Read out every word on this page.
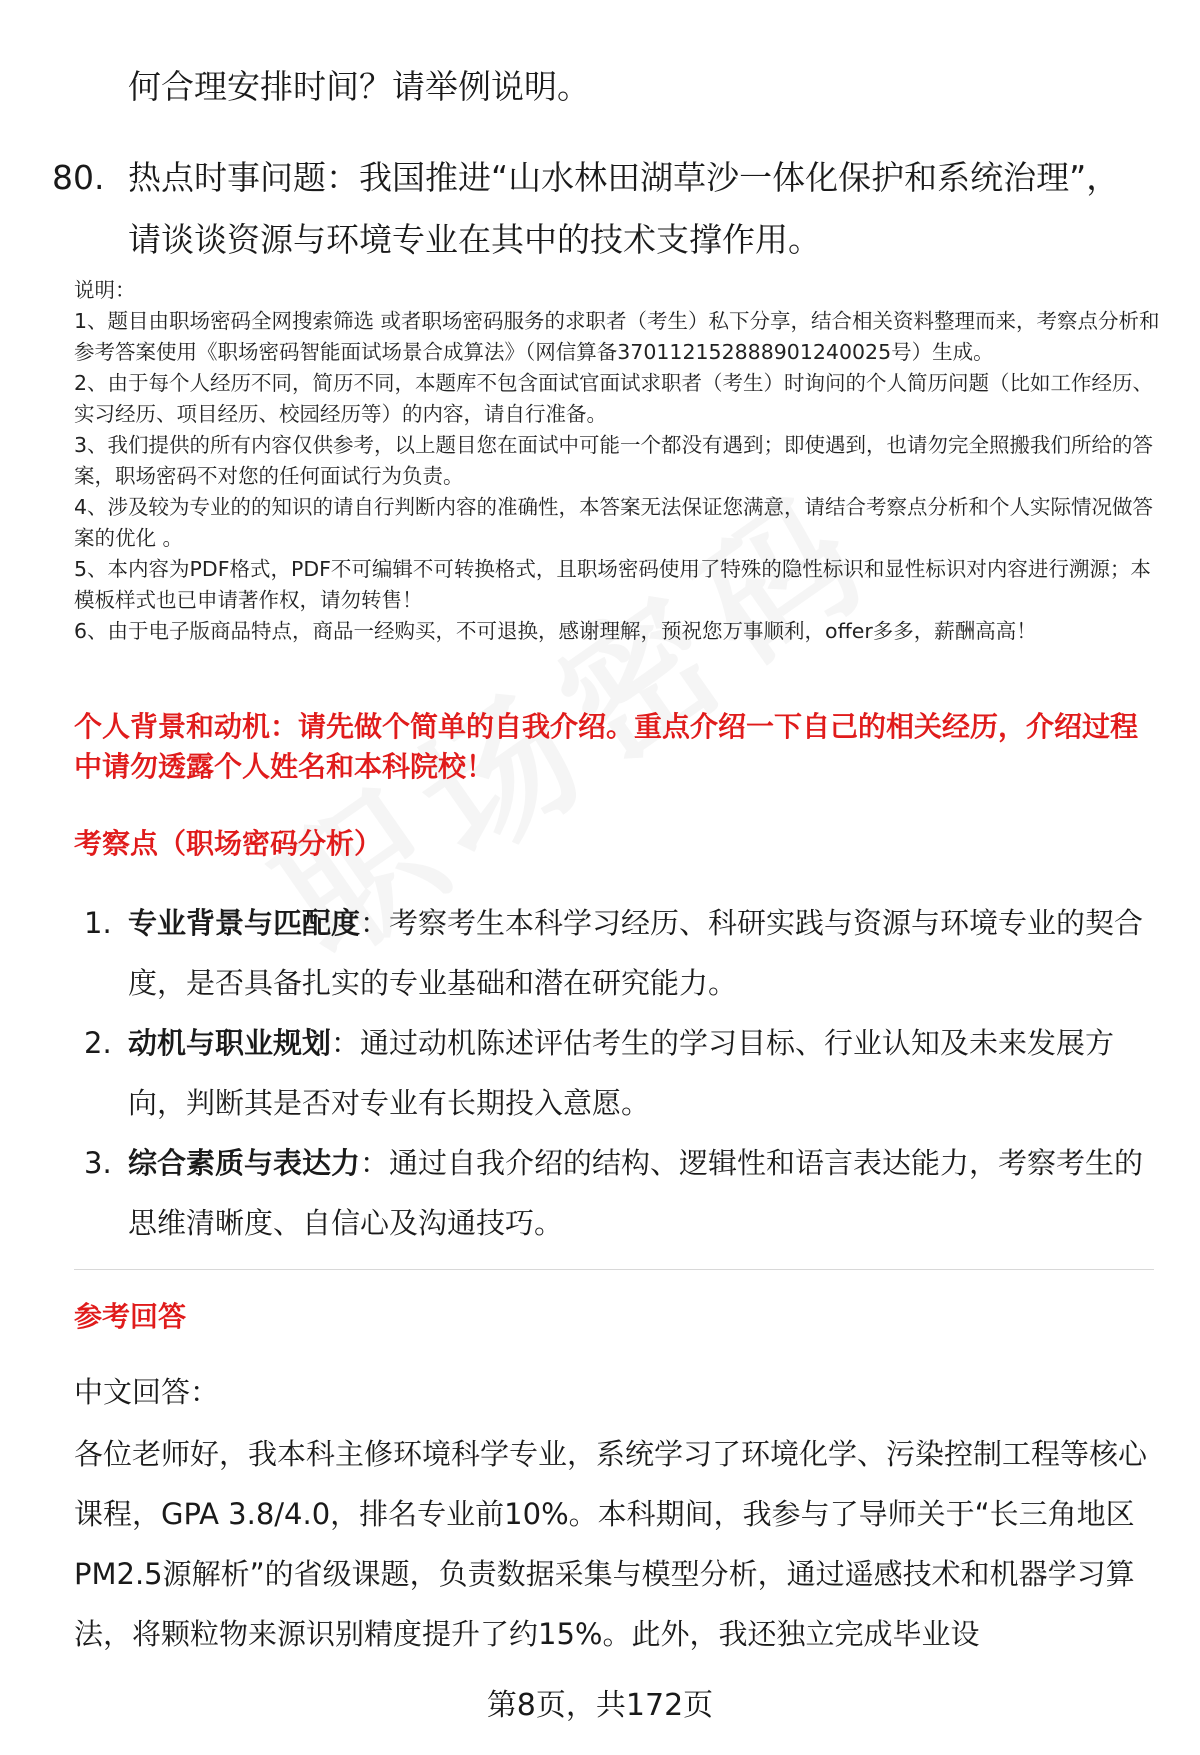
何合理安排时间？请举例说明。
80. 热点时事问题：我国推进“山水林田湖草沙一体化保护和系统治理”，请谈谈资源与环境专业在其中的技术支撑作用。
说明：
1、题目由职场密码全网搜索筛选 或者职场密码服务的求职者（考生）私下分享，结合相关资料整理而来，考察点分析和参考答案使用《职场密码智能面试场景合成算法》（网信算备370112152888901240025号）生成。
2、由于每个人经历不同，简历不同，本题库不包含面试官面试求职者（考生）时询问的个人简历问题（比如工作经历、实习经历、项目经历、校园经历等）的内容，请自行准备。
3、我们提供的所有内容仅供参考，以上题目您在面试中可能一个都没有遇到；即使遇到，也请勿完全照搬我们所给的答案，职场密码不对您的任何面试行为负责。
4、涉及较为专业的的知识的请自行判断内容的准确性，本答案无法保证您满意，请结合考察点分析和个人实际情况做答案的优化 。
5、本内容为PDF格式，PDF不可编辑不可转换格式，且职场密码使用了特殊的隐性标识和显性标识对内容进行溯源；本模板样式也已申请著作权，请勿转售！
6、由于电子版商品特点，商品一经购买，不可退换，感谢理解，预祝您万事顺利，offer多多，薪酬高高！
个人背景和动机：请先做个简单的自我介绍。重点介绍一下自己的相关经历，介绍过程中请勿透露个人姓名和本科院校！
考察点（职场密码分析）
1. 专业背景与匹配度：考察考生本科学习经历、科研实践与资源与环境专业的契合度，是否具备扎实的专业基础和潜在研究能力。
2. 动机与职业规划：通过动机陈述评估考生的学习目标、行业认知及未来发展方向，判断其是否对专业有长期投入意愿。
3. 综合素质与表达力：通过自我介绍的结构、逻辑性和语言表达能力，考察考生的思维清晰度、自信心及沟通技巧。
参考回答
中文回答：
各位老师好，我本科主修环境科学专业，系统学习了环境化学、污染控制工程等核心课程，GPA 3.8/4.0，排名专业前10%。本科期间，我参与了导师关于“长三角地区PM2.5源解析”的省级课题，负责数据采集与模型分析，通过遥感技术和机器学习算法，将颗粒物来源识别精度提升了约15%。此外，我还独立完成毕业设
第8页，共172页
